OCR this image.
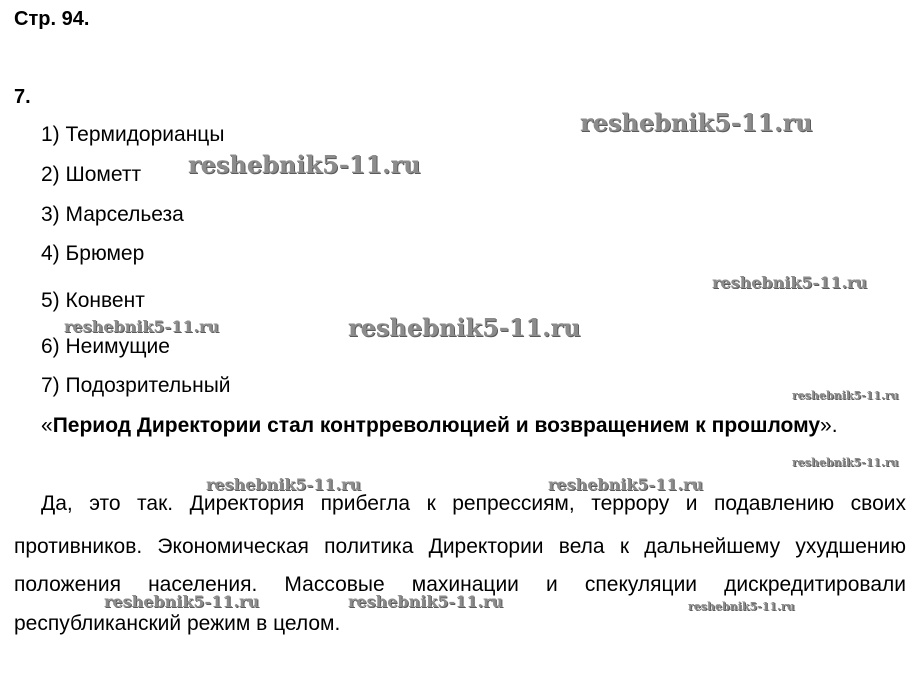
Стр. 94.
7.
1) Термидорианцы
2) Шометт
3) Марсельеза
4) Брюмер
5) Конвент
6) Неимущие
7) Подозрительный
«Период Директории стал контрреволюцией и возвращением к прошлому».
Да, это так. Директория прибегла к репрессиям, террору и подавлению своих
противников. Экономическая политика Директории вела к дальнейшему ухудшению
положения населения. Массовые махинации и спекуляции дискредитировали
республиканский режим в целом.
reshebnik5-11.ru
reshebnik5-11.ru
reshebnik5-11.ru
reshebnik5-11.ru	reshebnik5-11.ru
reshebnik5-11.ru
reshebnik5-11.ru
reshebnik5-11.ru	reshebnik5-11.ru
reshebnik5-11.ru	reshebnik5-11.ru	reshebnik5-11.ru
